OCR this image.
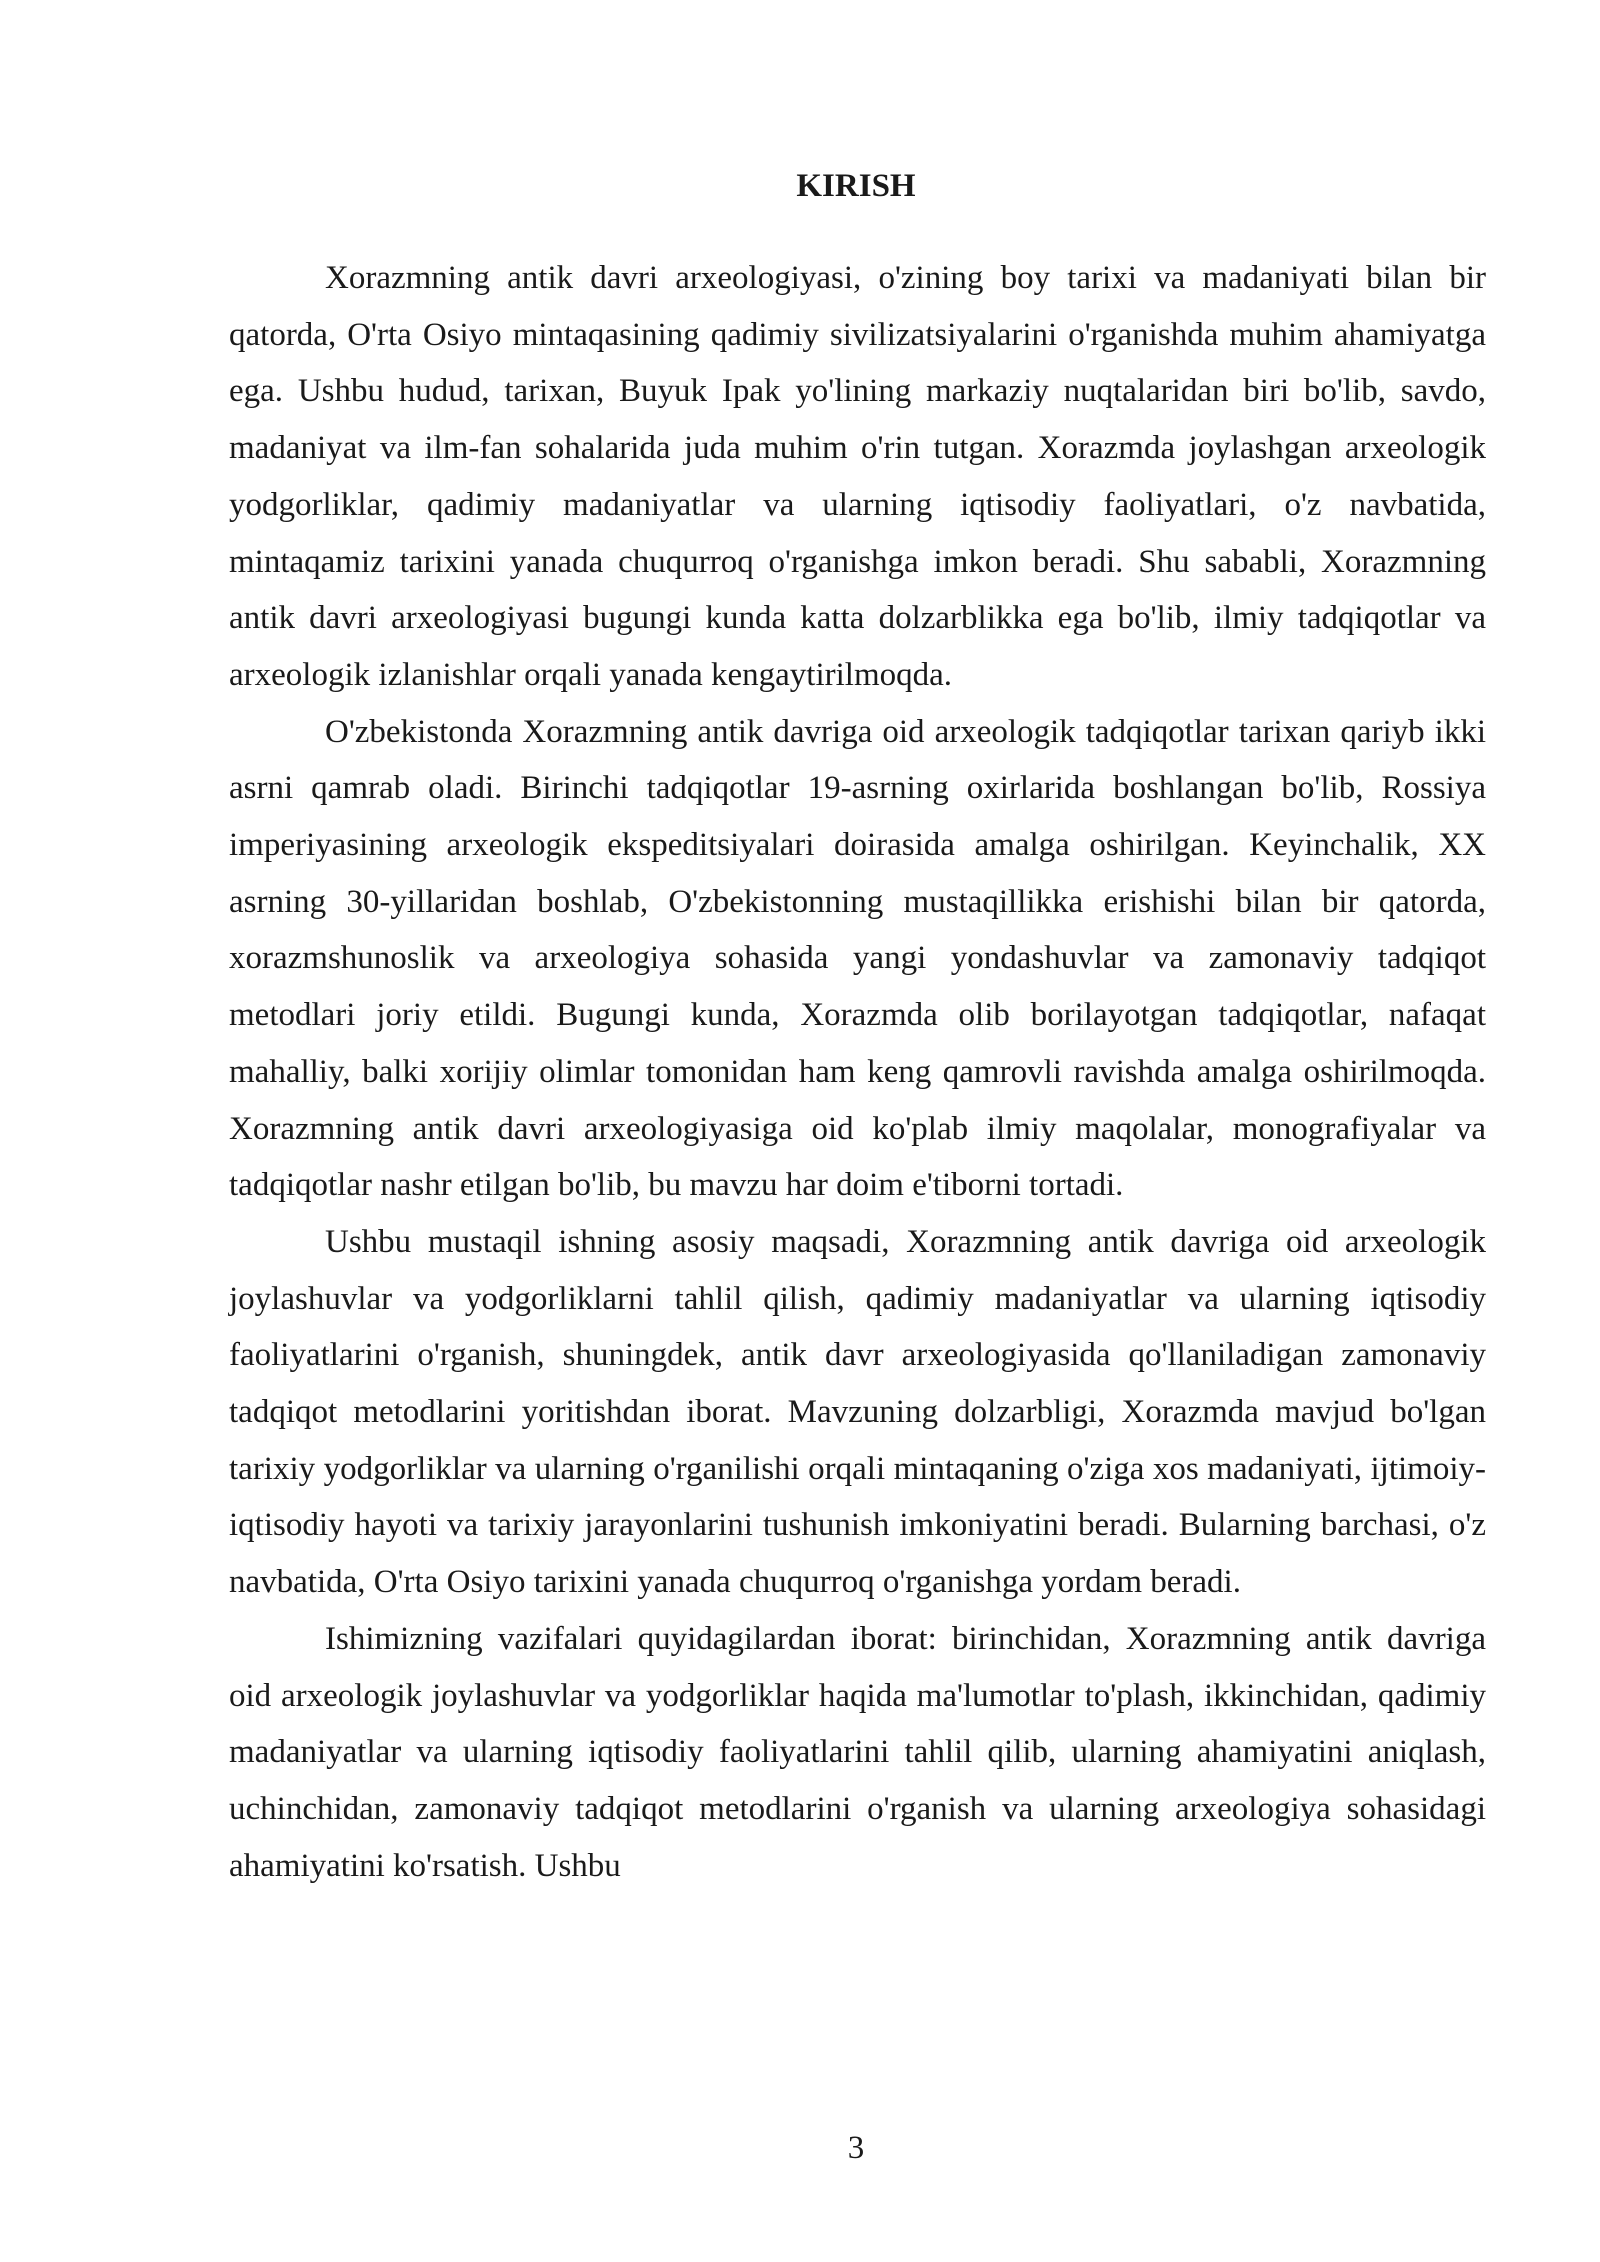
KIRISH

Xorazmning antik davri arxeologiyasi, o'zining boy tarixi va madaniyati bilan bir qatorda, O'rta Osiyo mintaqasining qadimiy sivilizatsiyalarini o'rganishda muhim ahamiyatga ega. Ushbu hudud, tarixan, Buyuk Ipak yo'lining markaziy nuqtalaridan biri bo'lib, savdo, madaniyat va ilm-fan sohalarida juda muhim o'rin tutgan. Xorazmda joylashgan arxeologik yodgorliklar, qadimiy madaniyatlar va ularning iqtisodiy faoliyatlari, o'z navbatida, mintaqamiz tarixini yanada chuqurroq o'rganishga imkon beradi. Shu sababli, Xorazmning antik davri arxeologiyasi bugungi kunda katta dolzarblikka ega bo'lib, ilmiy tadqiqotlar va arxeologik izlanishlar orqali yanada kengaytirilmoqda.

O'zbekistonda Xorazmning antik davriga oid arxeologik tadqiqotlar tarixan qariyb ikki asrni qamrab oladi. Birinchi tadqiqotlar 19-asrning oxirlarida boshlangan bo'lib, Rossiya imperiyasining arxeologik ekspeditsiyalari doirasida amalga oshirilgan. Keyinchalik, XX asrning 30-yillaridan boshlab, O'zbekistonning mustaqillikka erishishi bilan bir qatorda, xorazmshunoslik va arxeologiya sohasida yangi yondashuvlar va zamonaviy tadqiqot metodlari joriy etildi. Bugungi kunda, Xorazmda olib borilayotgan tadqiqotlar, nafaqat mahalliy, balki xorijiy olimlar tomonidan ham keng qamrovli ravishda amalga oshirilmoqda. Xorazmning antik davri arxeologiyasiga oid ko'plab ilmiy maqolalar, monografiyalar va tadqiqotlar nashr etilgan bo'lib, bu mavzu har doim e'tiborni tortadi.

Ushbu mustaqil ishning asosiy maqsadi, Xorazmning antik davriga oid arxeologik joylashuvlar va yodgorliklarni tahlil qilish, qadimiy madaniyatlar va ularning iqtisodiy faoliyatlarini o'rganish, shuningdek, antik davr arxeologiyasida qo'llaniladigan zamonaviy tadqiqot metodlarini yoritishdan iborat. Mavzuning dolzarbligi, Xorazmda mavjud bo'lgan tarixiy yodgorliklar va ularning o'rganilishi orqali mintaqaning o'ziga xos madaniyati, ijtimoiy-iqtisodiy hayoti va tarixiy jarayonlarini tushunish imkoniyatini beradi. Bularning barchasi, o'z navbatida, O'rta Osiyo tarixini yanada chuqurroq o'rganishga yordam beradi.

Ishimizning vazifalari quyidagilardan iborat: birinchidan, Xorazmning antik davriga oid arxeologik joylashuvlar va yodgorliklar haqida ma'lumotlar to'plash, ikkinchidan, qadimiy madaniyatlar va ularning iqtisodiy faoliyatlarini tahlil qilib, ularning ahamiyatini aniqlash, uchinchidan, zamonaviy tadqiqot metodlarini o'rganish va ularning arxeologiya sohasidagi ahamiyatini ko'rsatish. Ushbu

3
